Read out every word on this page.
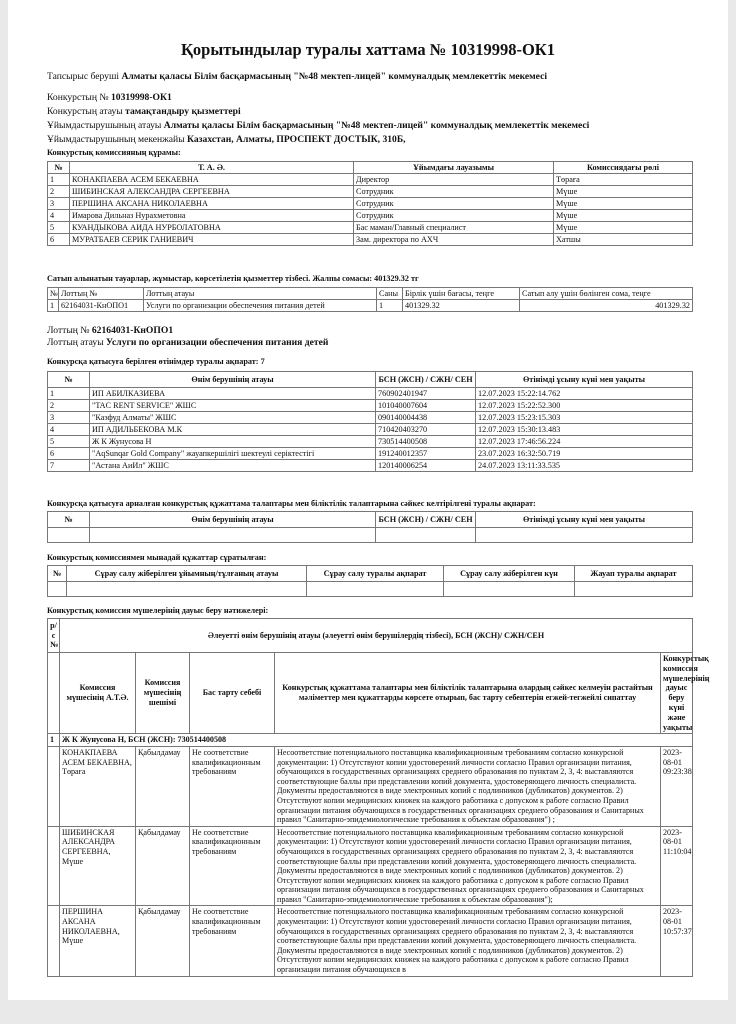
Қорытындылар туралы хаттама № 10319998-ОК1
Тапсырыс беруші Алматы қаласы Білім басқармасының "№48 мектеп-лицей" коммуналдық мемлекеттік мекемесі
Конкурстың № 10319998-ОК1
Конкурстың атауы тамақтандыру қызметтері
Ұйымдастырушының атауы Алматы қаласы Білім басқармасының "№48 мектеп-лицей" коммуналдық мемлекеттік мекемесі
Ұйымдастырушының мекенжайы Казахстан, Алматы, ПРОСПЕКТ ДОСТЫК, 310Б,
Конкурстық комиссияның құрамы:
№	Т. А. Ә.	Ұйымдағы лауазымы	Комиссиядағы рөлі
1	КОНАКПАЕВА АСЕМ БЕКАЕВНА	Директор	Төрағa
2	ШИБИНСКАЯ АЛЕКСАНДРА СЕРГЕЕВНА	Сотрудник	Мүше
3	ПЕРШИНА АКСАНА НИКОЛАЕВНА	Сотрудник	Мүше
4	Имарова Дильназ Нурахметовна	Сотрудник	Мүше
5	КУАНДЫКОВА АИДА НУРБОЛАТОВНА	Бас маман/Главный специалист	Мүше
6	МУРАТБАЕВ СЕРИК ГАНИЕВИЧ	Зам. директора по АХЧ	Хатшы
Сатып алынатын тауарлар, жұмыстар, көрсетілетін қызметтер тізбесі. Жалпы сомасы: 401329.32 тг
№	Лоттың №	Лоттың атауы	Саны	Бірлік үшін бағасы, теңге	Сатып алу үшін бөлінген сома, теңге
1	62164031-КнОПО1	Услуги по организации обеспечения питания детей	1	401329.32	401329.32
Лоттың № 62164031-КнОПО1
Лоттың атауы Услуги по организации обеспечения питания детей
Конкурсқа қатысуға берілген өтінімдер туралы ақпарат: 7
№	Өнім берушінің атауы	БСН (ЖСН) / СЖН/ СЕН	Өтінімді ұсыну күні мен уақыты
1	ИП АБИЛКАЗИЕВА	760902401947	12.07.2023 15:22:14.762
2	"TAC RENT SERVICE" ЖШС	101040007604	12.07.2023 15:22:52.300
3	"Казфуд Алматы" ЖШС	090140004438	12.07.2023 15:23:15.303
4	ИП АДИЛЬБЕКОВА М.К	710420403270	12.07.2023 15:30:13.483
5	Ж К Жунусова Н	730514400508	12.07.2023 17:46:56.224
6	"AqSunqar Gold Company" жауапкершілігі шектеулі серіктестігі	191240012357	23.07.2023 16:32:50.719
7	"Астана АиИл" ЖШС	120140006254	24.07.2023 13:11:33.535
Конкурсқа қатысуға арналған конкурстық құжаттама талаптары мен біліктілік талаптарына сәйкес келтірілгені туралы ақпарат:
№	Өнім берушінің атауы	БСН (ЖСН) / СЖН/ СЕН	Өтінімді ұсыну күні мен уақыты

Конкурстық комиссиямен мынадай құжаттар сұратылған:
№	Сұрау салу жіберілген ұйымның/тұлғаның атауы	Сұрау салу туралы ақпарат	Сұрау салу жіберілген күн	Жауап туралы ақпарат

Конкурстық комиссия мүшелерінің дауыс беру нәтижелері:
р/с №	Әлеуетті өнім берушінің атауы (әлеуетті өнім берушілердің тізбесі), БСН (ЖСН)/ СЖН/СЕН				
	Комиссия мүшесінің А.Т.Ә.	Комиссия мүшесінің шешімі	Бас тарту себебі	Конкурстық құжаттама талаптары мен біліктілік талаптарына олардың сәйкес келмеуін растайтын мәліметтер мен құжаттарды көрсете отырып, бас тарту себептерін егжей-тегжейлі сипаттау	Конкурстық комиссия мүшелерінің дауыс беру күні және уақыты
1	Ж К Жунусова Н, БСН (ЖСН): 730514400508				
	КОНАКПАЕВА АСЕМ БЕКАЕВНА, Төраға	Қабылдамау	Не соответствие квалификационным требованиям	Несоответствие потенциального поставщика квалификационным требованиям согласно конкурсной документации: 1) Отсутствуют копии удостоверений личности согласно Правил организации питания, обучающихся в государственных организациях среднего образования по пунктам 2, 3, 4: выставляются соответствующие баллы при представлении копий документа, удостоверяющего личность специалиста. Документы предоставляются в виде электронных копий с подлинников (дубликатов) документов. 2) Отсутствуют копии медицинских книжек на каждого работника с допуском к работе согласно Правил организации питания обучающихся в государственных организациях среднего образования и Санитарных правил "Санитарно-эпидемиологические требования к объектам образования") ;	2023-08-01 09:23:38
	ШИБИНСКАЯ АЛЕКСАНДРА СЕРГЕЕВНА, Мүше	Қабылдамау	Не соответствие квалификационным требованиям	Несоответствие потенциального поставщика квалификационным требованиям согласно конкурсной документации: 1) Отсутствуют копии удостоверений личности согласно Правил организации питания, обучающихся в государственных организациях среднего образования по пунктам 2, 3, 4: выставляются соответствующие баллы при представлении копий документа, удостоверяющего личность специалиста. Документы предоставляются в виде электронных копий с подлинников (дубликатов) документов. 2) Отсутствуют копии медицинских книжек на каждого работника с допуском к работе согласно Правил организации питания обучающихся в государственных организациях среднего образования и Санитарных правил "Санитарно-эпидемиологические требования к объектам образования");	2023-08-01 11:10:04
	ПЕРШИНА АКСАНА НИКОЛАЕВНА, Мүше	Қабылдамау	Не соответствие квалификационным требованиям	Несоответствие потенциального поставщика квалификационным требованиям согласно конкурсной документации: 1) Отсутствуют копии удостоверений личности согласно Правил организации питания, обучающихся в государственных организациях среднего образования по пунктам 2, 3, 4: выставляются соответствующие баллы при представлении копий документа, удостоверяющего личность специалиста. Документы предоставляются в виде электронных копий с подлинников (дубликатов) документов. 2) Отсутствуют копии медицинских книжек на каждого работника с допуском к работе согласно Правил организации питания обучающихся в	2023-08-01 10:57:37
